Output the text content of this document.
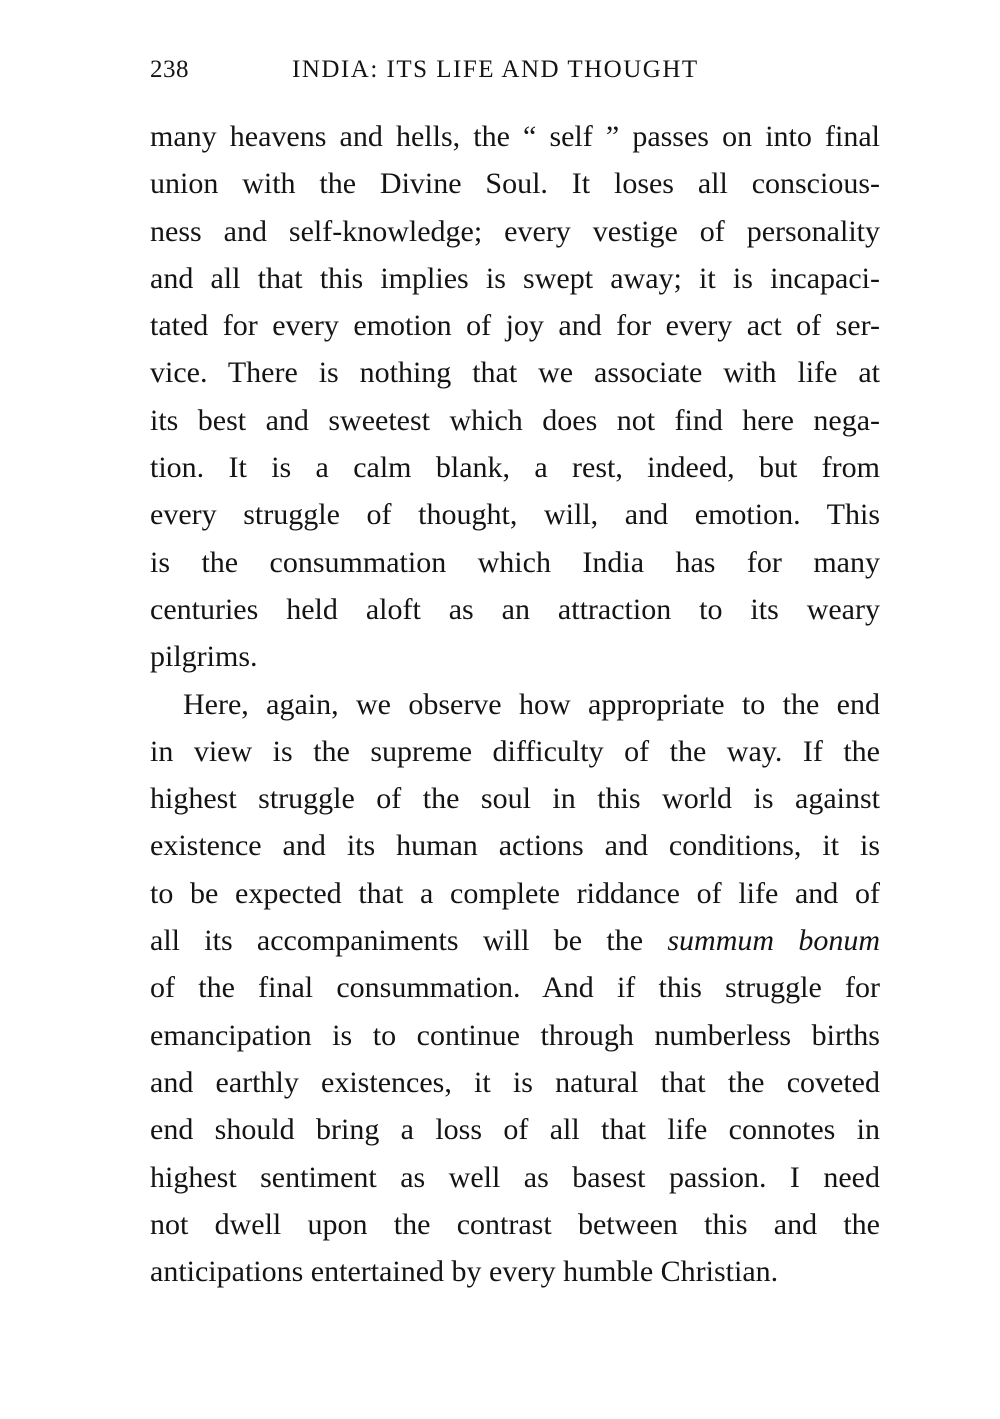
238	INDIA: ITS LIFE AND THOUGHT
many heavens and hells, the “ self ” passes on into final
union with the Divine Soul. It loses all conscious-
ness and self-knowledge; every vestige of personality
and all that this implies is swept away; it is incapaci-
tated for every emotion of joy and for every act of ser-
vice. There is nothing that we associate with life at
its best and sweetest which does not find here nega-
tion. It is a calm blank, a rest, indeed, but from
every struggle of thought, will, and emotion. This
is the consummation which India has for many
centuries held aloft as an attraction to its weary
pilgrims.
Here, again, we observe how appropriate to the end
in view is the supreme difficulty of the way. If the
highest struggle of the soul in this world is against
existence and its human actions and conditions, it is
to be expected that a complete riddance of life and of
all its accompaniments will be the summum bonum
of the final consummation. And if this struggle for
emancipation is to continue through numberless births
and earthly existences, it is natural that the coveted
end should bring a loss of all that life connotes in
highest sentiment as well as basest passion. I need
not dwell upon the contrast between this and the
anticipations entertained by every humble Christian.
